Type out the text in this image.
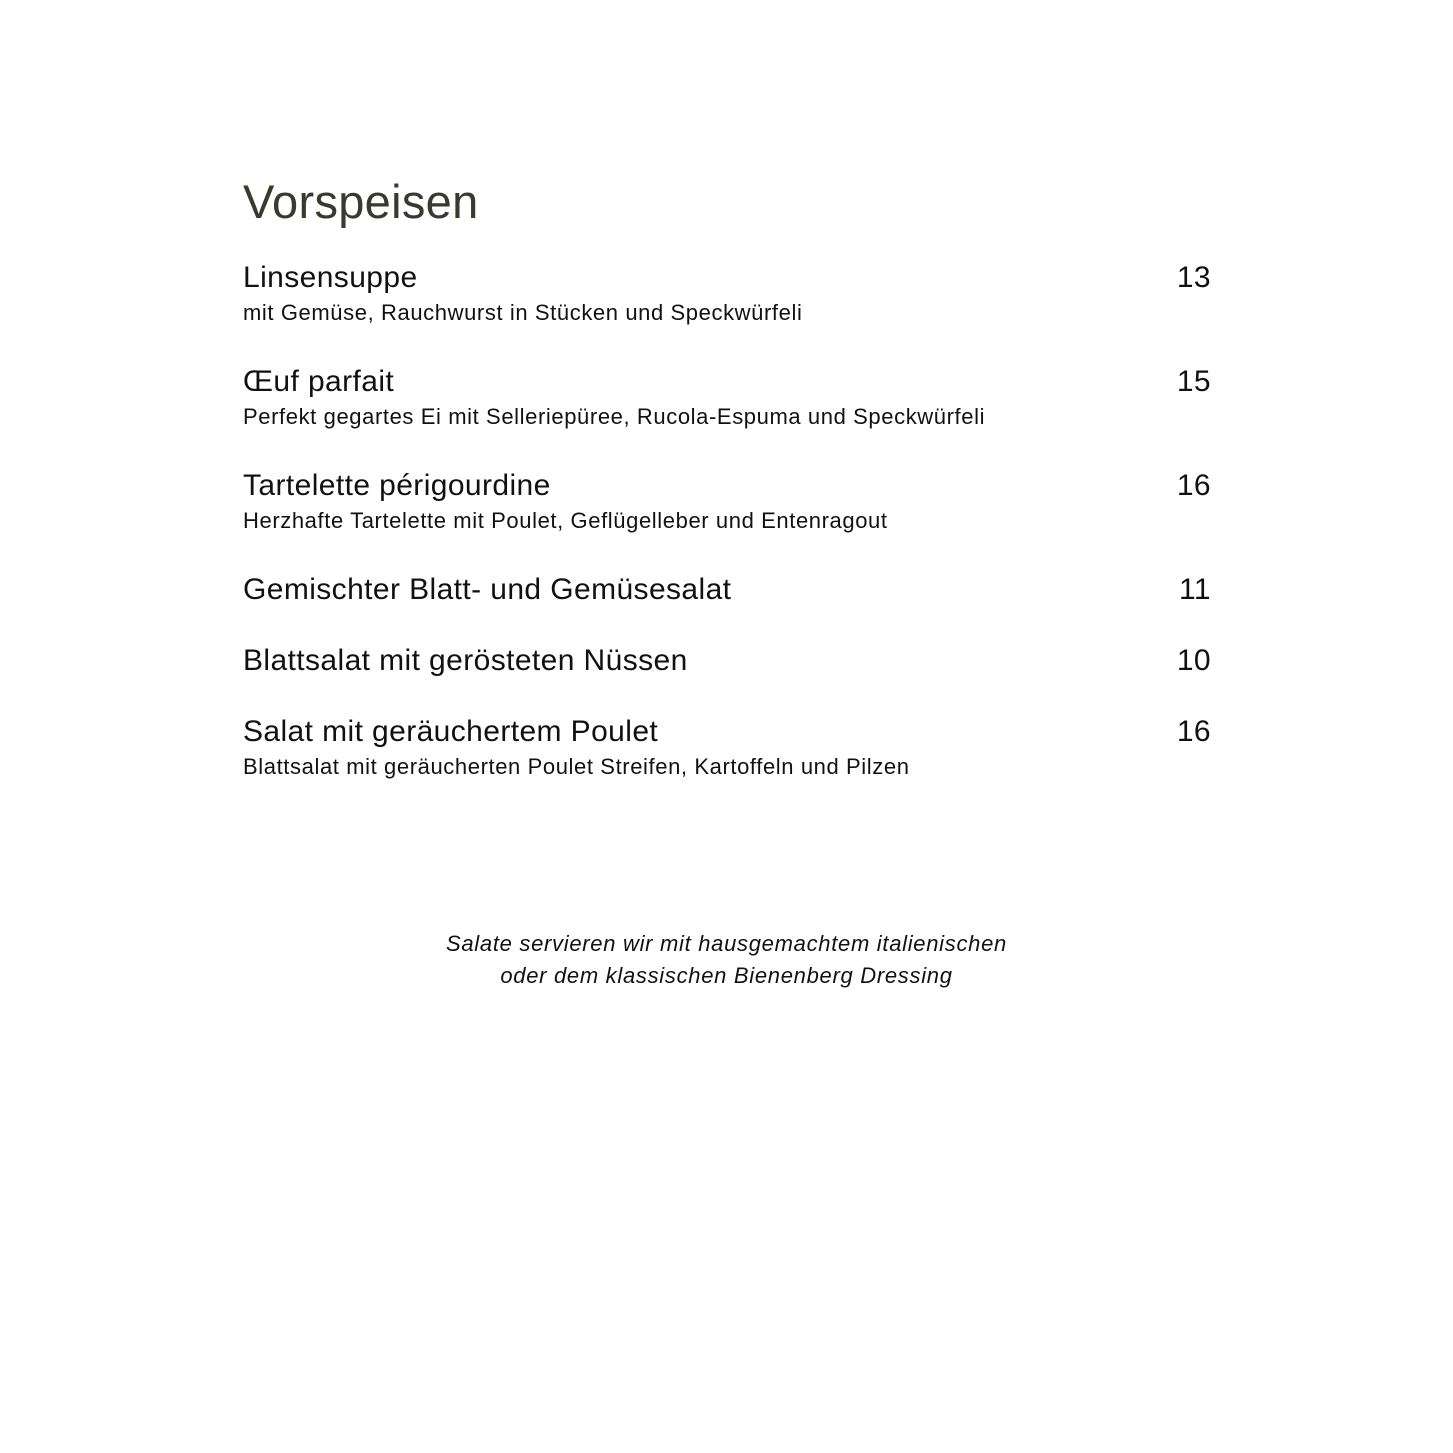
Vorspeisen
Linsensuppe	13
mit Gemüse, Rauchwurst in Stücken und Speckwürfeli
Œuf parfait	15
Perfekt gegartes Ei mit Selleriepüree, Rucola-Espuma und Speckwürfeli
Tartelette périgourdine	16
Herzhafte Tartelette mit Poulet, Geflügelleber und Entenragout
Gemischter Blatt- und Gemüsesalat	11
Blattsalat mit gerösteten Nüssen	10
Salat mit geräuchertem Poulet	16
Blattsalat mit geräucherten Poulet Streifen, Kartoffeln und Pilzen
Salate servieren wir mit hausgemachtem italienischen
oder dem klassischen Bienenberg Dressing
